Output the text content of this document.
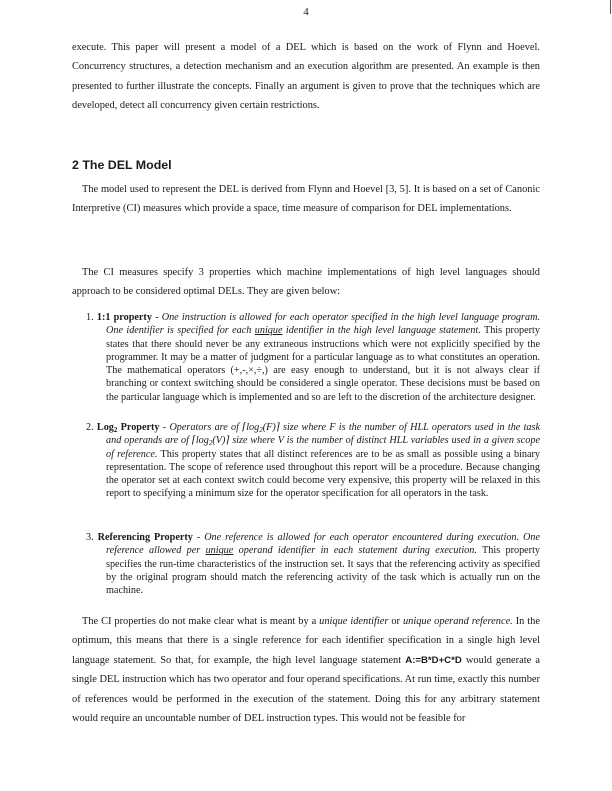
4

execute. This paper will present a model of a DEL which is based on the work of Flynn and Hoevel. Concurrency structures, a detection mechanism and an execution algorithm are presented. An example is then presented to further illustrate the concepts. Finally an argument is given to prove that the techniques which are developed, detect all concurrency given certain restrictions.

2 The DEL Model

The model used to represent the DEL is derived from Flynn and Hoevel [3, 5]. It is based on a set of Canonic Interpretive (CI) measures which provide a space, time measure of comparison for DEL implementations.

The CI measures specify 3 properties which machine implementations of high level languages should approach to be considered optimal DELs. They are given below:

1. 1:1 property - One instruction is allowed for each operator specified in the high level language program. One identifier is specified for each unique identifier in the high level language statement. This property states that there should never be any extraneous instructions which were not explicitly specified by the programmer. It may be a matter of judgment for a particular language as to what constitutes an operation. The mathematical operators (+,-,×,÷,) are easy enough to understand, but it is not always clear if branching or context switching should be considered a single operator. These decisions must be based on the particular language which is implemented and so are left to the discretion of the architecture designer.
2. Log$_2$ Property - Operators are of $⌈\log_2(F)⌉$ size where F is the number of HLL operators used in the task and operands are of $⌈\log_2(V)⌉$ size where V is the number of distinct HLL variables used in a given scope of reference. This property states that all distinct references are to be as small as possible using a binary representation. The scope of reference used throughout this report will be a procedure. Because changing the operator set at each context switch could become very expensive, this property will be relaxed in this report to specifying a minimum size for the operator specification for all operators in the task.
3. Referencing Property - One reference is allowed for each operator encountered during execution. One reference allowed per unique operand identifier in each statement during execution. This property specifies the run-time characteristics of the instruction set. It says that the referencing activity as specified by the original program should match the referencing activity of the task which is actually run on the machine.

The CI properties do not make clear what is meant by a unique identifier or unique operand reference. In the optimum, this means that there is a single reference for each identifier specification in a single high level language statement. So that, for example, the high level language statement A:=B*D+C*D would generate a single DEL instruction which has two operator and four operand specifications. At run time, exactly this number of references would be performed in the execution of the statement. Doing this for any arbitrary statement would require an uncountable number of DEL instruction types. This would not be feasible for
